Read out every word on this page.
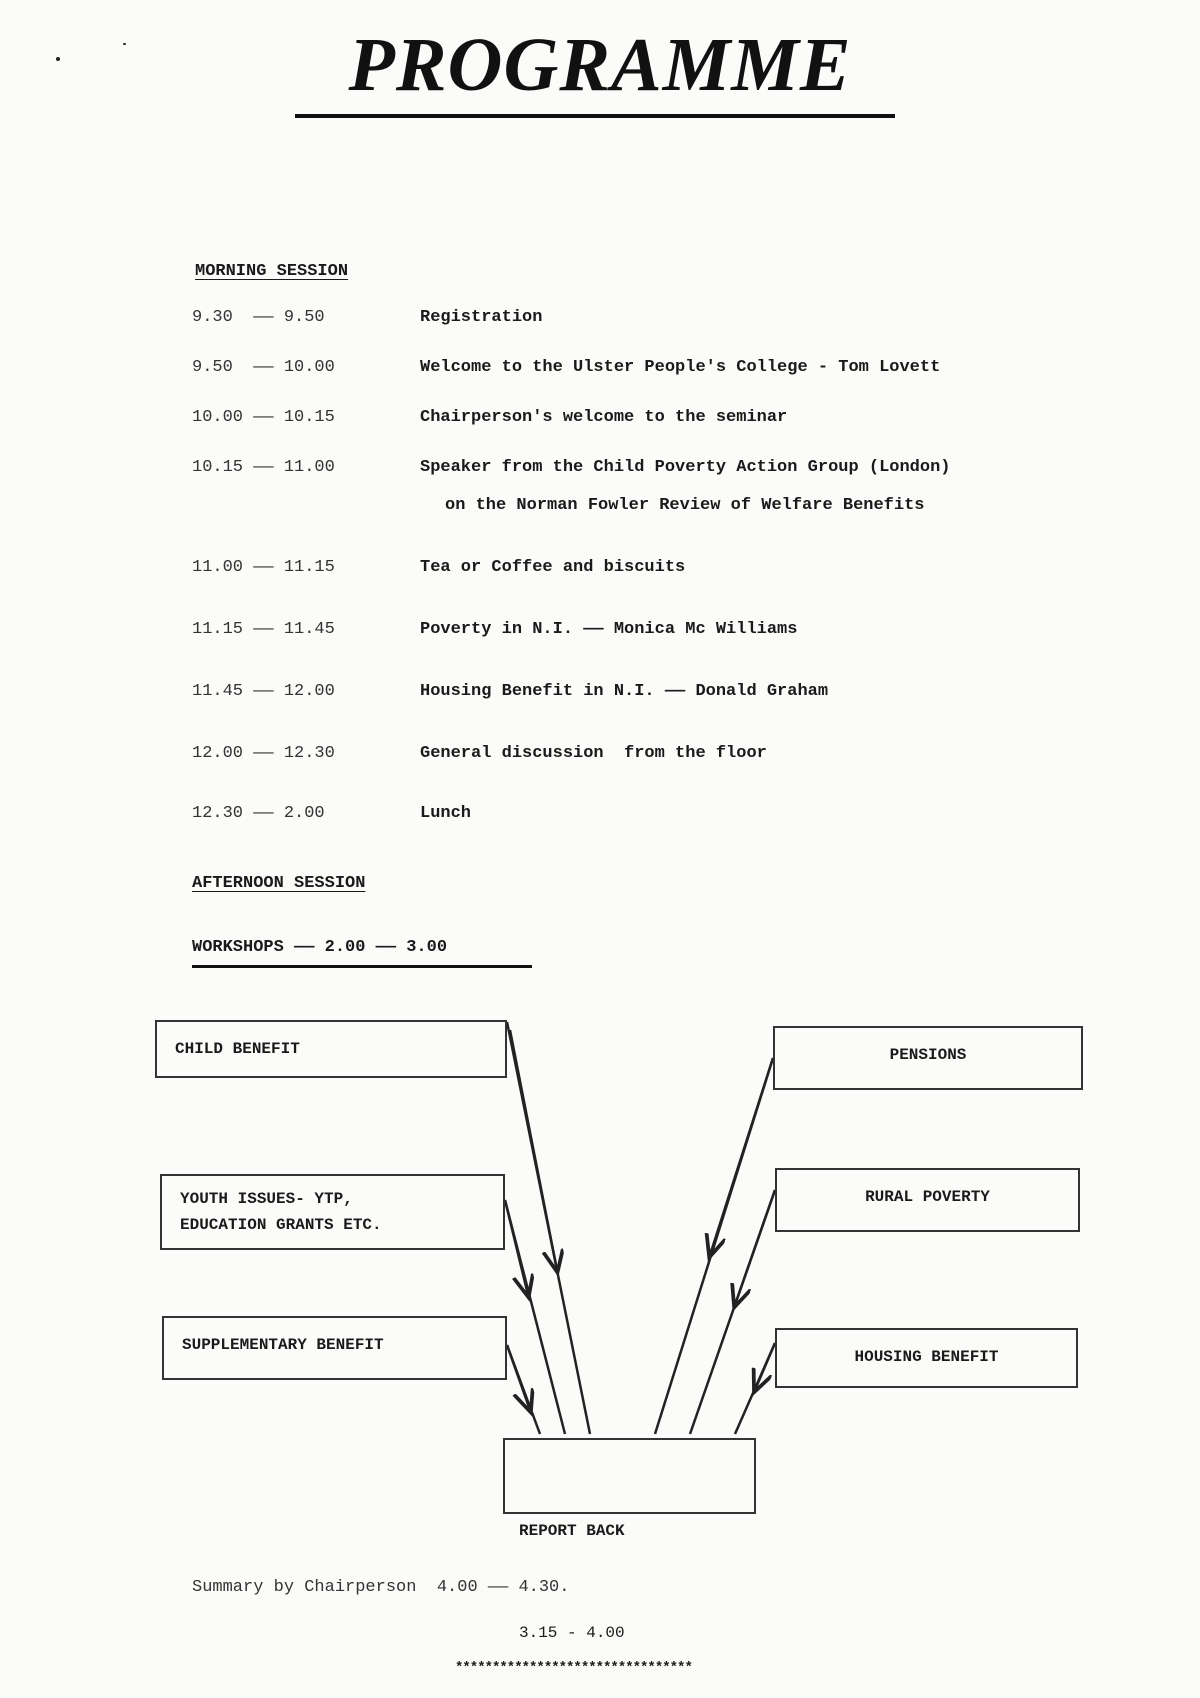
PROGRAMME
MORNING SESSION
9.30  —— 9.50	Registration
9.50  —— 10.00	Welcome to the Ulster People's College - Tom Lovett
10.00 —— 10.15	Chairperson's welcome to the seminar
10.15 —— 11.00	Speaker from the Child Poverty Action Group (London)
on the Norman Fowler Review of Welfare Benefits
11.00 —— 11.15	Tea or Coffee and biscuits
11.15 —— 11.45	Poverty in N.I. —— Monica Mc Williams
11.45 —— 12.00	Housing Benefit in N.I. —— Donald Graham
12.00 —— 12.30	General discussion  from the floor
12.30 —— 2.00	Lunch
AFTERNOON SESSION
WORKSHOPS —— 2.00 —— 3.00
CHILD BENEFIT
YOUTH ISSUES- YTP,
EDUCATION GRANTS ETC.
SUPPLEMENTARY BENEFIT
PENSIONS
RURAL POVERTY
HOUSING BENEFIT

REPORT BACK

3.15 - 4.00

Summary by Chairperson  4.00 —— 4.30.
********************************
